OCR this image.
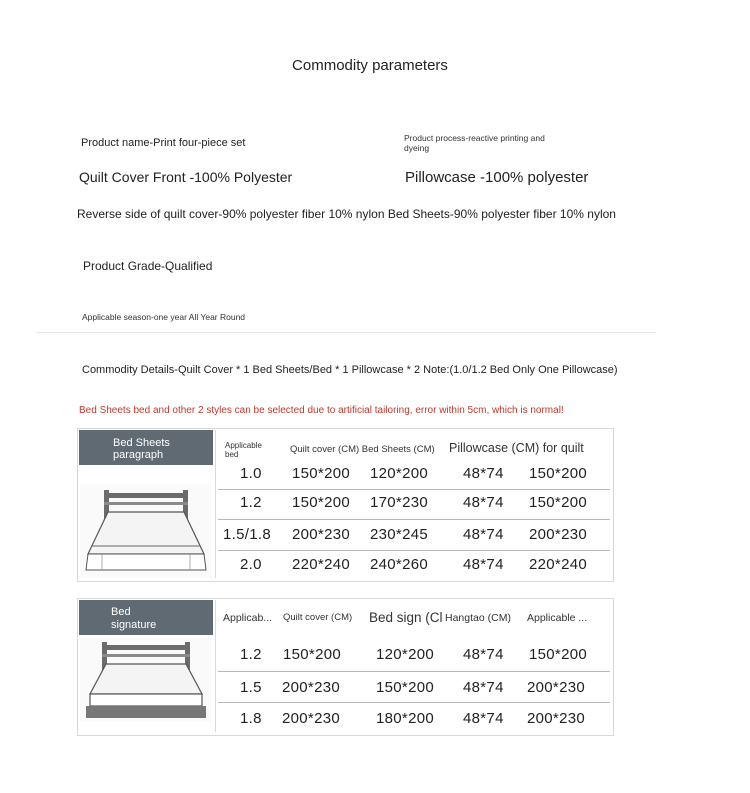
Commodity parameters
Product name-Print four-piece set	Product process-reactive printing and
dyeing
Quilt Cover Front -100% Polyester	Pillowcase -100% polyester
Reverse side of quilt cover-90% polyester fiber 10% nylon Bed Sheets-90% polyester fiber 10% nylon
Product Grade-Qualified
Applicable season-one year All Year Round
Commodity Details-Quilt Cover * 1 Bed Sheets/Bed * 1 Pillowcase * 2 Note:(1.0/1.2 Bed Only One Pillowcase)
Bed Sheets bed and other 2 styles can be selected due to artificial tailoring, error within 5cm, which is normal!
Bed Sheets
paragraph
Applicable
bed	Quilt cover (CM) Bed Sheets (CM) Pillowcase (CM) for quilt
1.0 150*200 120*200 48*74 150*200
1.2 150*200 170*230 48*74 150*200
1.5/1.8 200*230 230*245 48*74 200*230
2.0 220*240 240*260 48*74 220*240
Bed
signature
Applicab... Quilt cover (CM) Bed sign (Cl Hangtao (CM) Applicable ...
1.2 150*200 120*200 48*74 150*200
1.5 200*230 150*200 48*74 200*230
1.8 200*230 180*200 48*74 200*230
